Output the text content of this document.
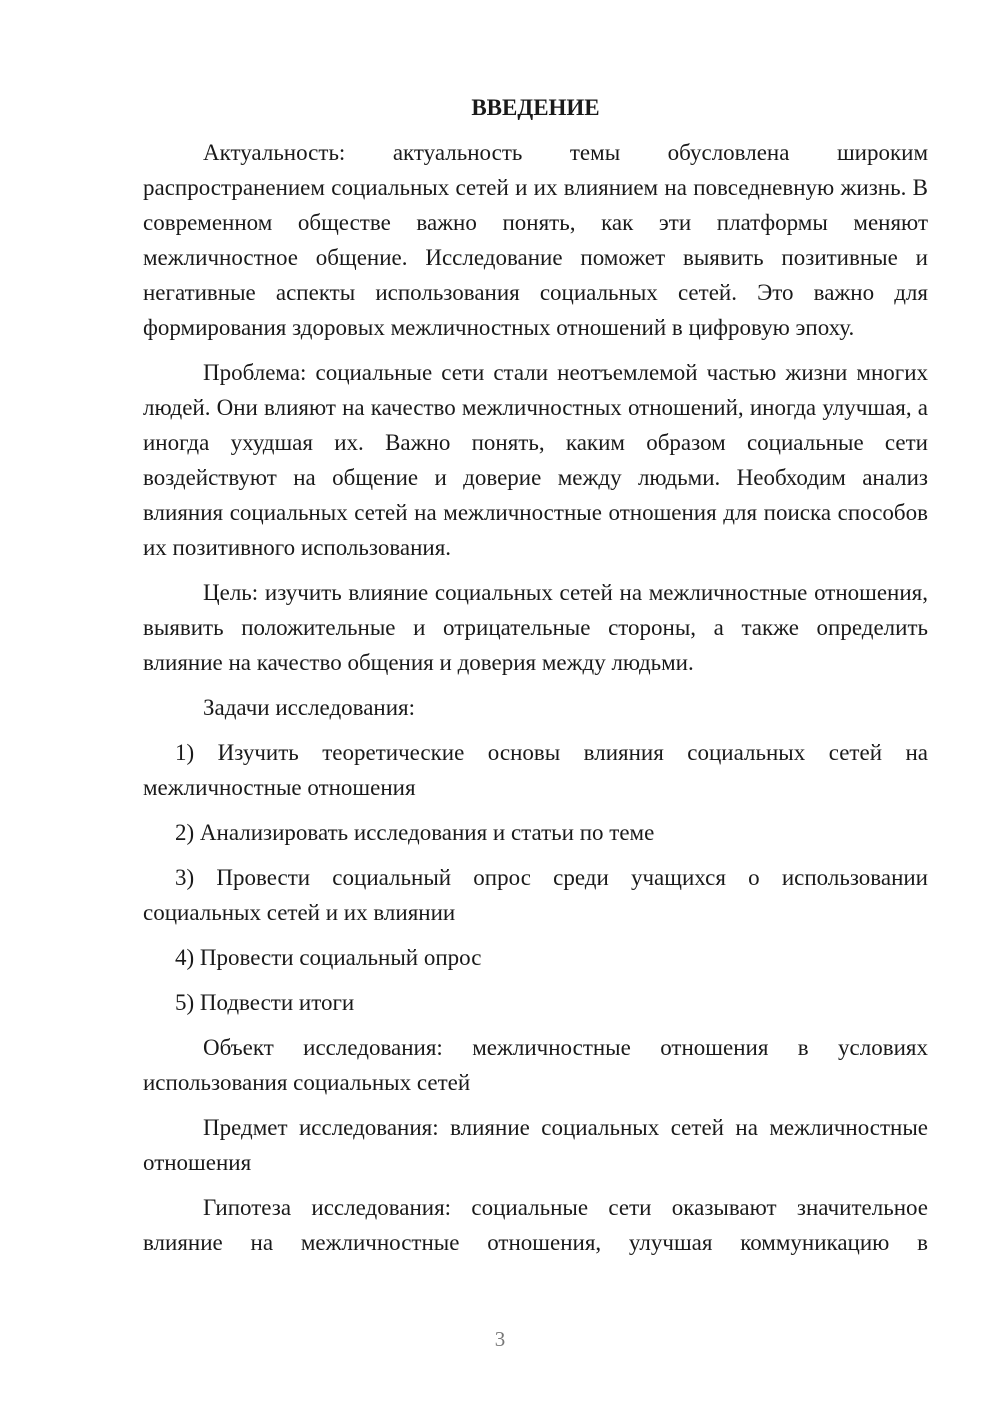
ВВЕДЕНИЕ

Актуальность: актуальность темы обусловлена широким распространением социальных сетей и их влиянием на повседневную жизнь. В современном обществе важно понять, как эти платформы меняют межличностное общение. Исследование поможет выявить позитивные и негативные аспекты использования социальных сетей. Это важно для формирования здоровых межличностных отношений в цифровую эпоху.

Проблема: социальные сети стали неотъемлемой частью жизни многих людей. Они влияют на качество межличностных отношений, иногда улучшая, а иногда ухудшая их. Важно понять, каким образом социальные сети воздействуют на общение и доверие между людьми. Необходим анализ влияния социальных сетей на межличностные отношения для поиска способов их позитивного использования.

Цель: изучить влияние социальных сетей на межличностные отношения, выявить положительные и отрицательные стороны, а также определить влияние на качество общения и доверия между людьми.

Задачи исследования:

1) Изучить теоретические основы влияния социальных сетей на межличностные отношения

2) Анализировать исследования и статьи по теме

3) Провести социальный опрос среди учащихся о использовании социальных сетей и их влиянии

4) Провести социальный опрос

5) Подвести итоги

Объект исследования: межличностные отношения в условиях использования социальных сетей

Предмет исследования: влияние социальных сетей на межличностные отношения

Гипотеза исследования: социальные сети оказывают значительное влияние на межличностные отношения, улучшая коммуникацию в

3
